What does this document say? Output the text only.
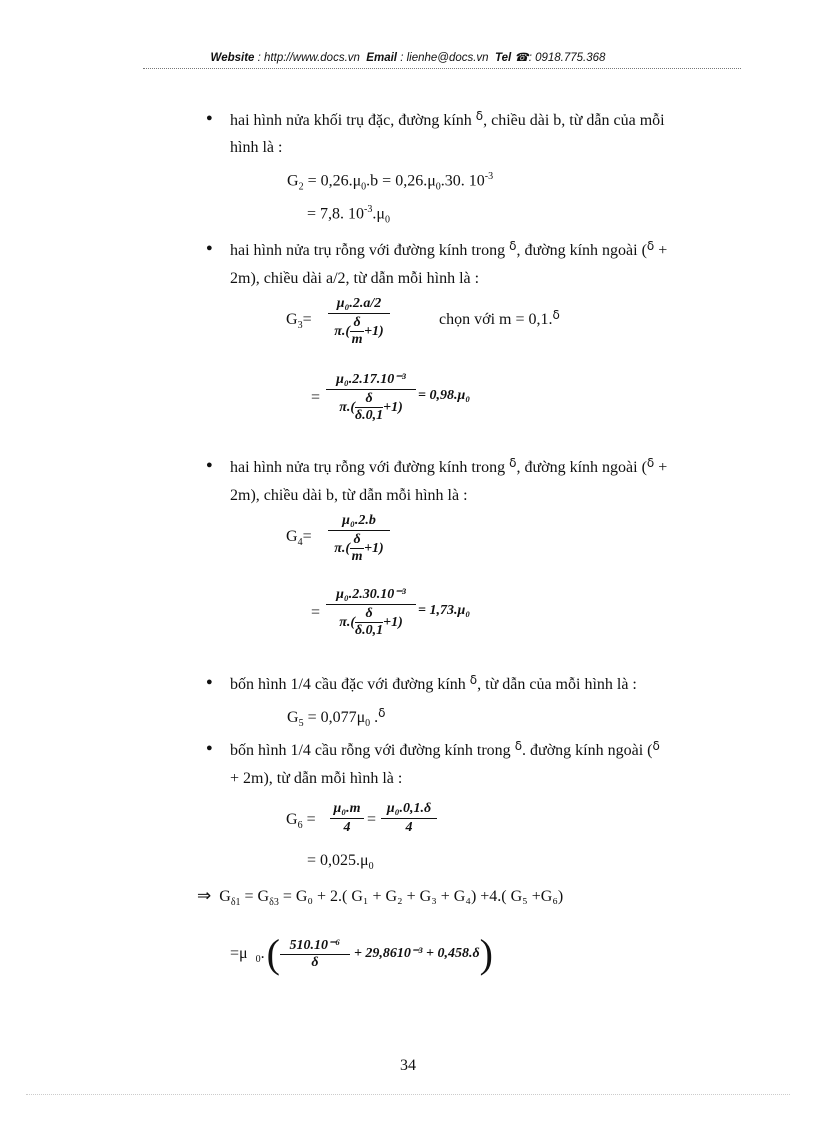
Website : http://www.docs.vn Email : lienhe@docs.vn Tel ☎: 0918.775.368
● hai hình nửa khối trụ đặc, đường kính $^\delta$, chiều dài b, từ dẫn của mỗi
hình là :
$G_2 = 0,26.\mu_0.b = 0,26.\mu_0.30$. $10^{-3}$
= 7,8. $10^{-3}.\mu_0$
● hai hình nửa trụ rỗng với đường kính trong $^\delta$, đường kính ngoài ($^\delta$ +
2m), chiều dài a/2, từ dẫn mỗi hình là :
$G_3=$
μ₀.2.a/2
$\pi.( \frac{\delta}{m} +1)$
chọn với m = 0,1.$^\delta$
=
μ₀.2.17.10⁻³
$\pi.( \frac{\delta}{\delta.0,1} +1)$
= 0,98.μ₀
● hai hình nửa trụ rỗng với đường kính trong $^\delta$, đường kính ngoài ($^\delta$ +
2m), chiều dài b, từ dẫn mỗi hình là :
$G_4=$
μ₀.2.b
$\pi.( \frac{\delta}{m} +1)$
=
μ₀.2.30.10⁻³
$\pi.( \frac{\delta}{\delta.0,1} +1)$
= 1,73.μ₀
● bốn hình 1/4 cầu đặc với đường kính $^\delta$, từ dẫn của mỗi hình là :
$G_5 = 0,077\mu_0$ .$^\delta$
● bốn hình 1/4 cầu rỗng với đường kính trong $^\delta$. đường kính ngoài ($^\delta$
+ 2m), từ dẫn mỗi hình là :
$G_6$ =
μ₀.m
4	=
μ₀.0,1.δ
4
= $0,025.\mu_0$
⇒  $G_{\delta 1} = G_{\delta 3} = G_0 + 2$.( G₁ + G₂ + G₃ + G₄) +4.( G₅ +G₆)
= μ
$_0$ . ( $\frac{\text{510.10⁻⁶}}{\delta} + 29,8610^{-3} + 0,458.\delta$ )
34
